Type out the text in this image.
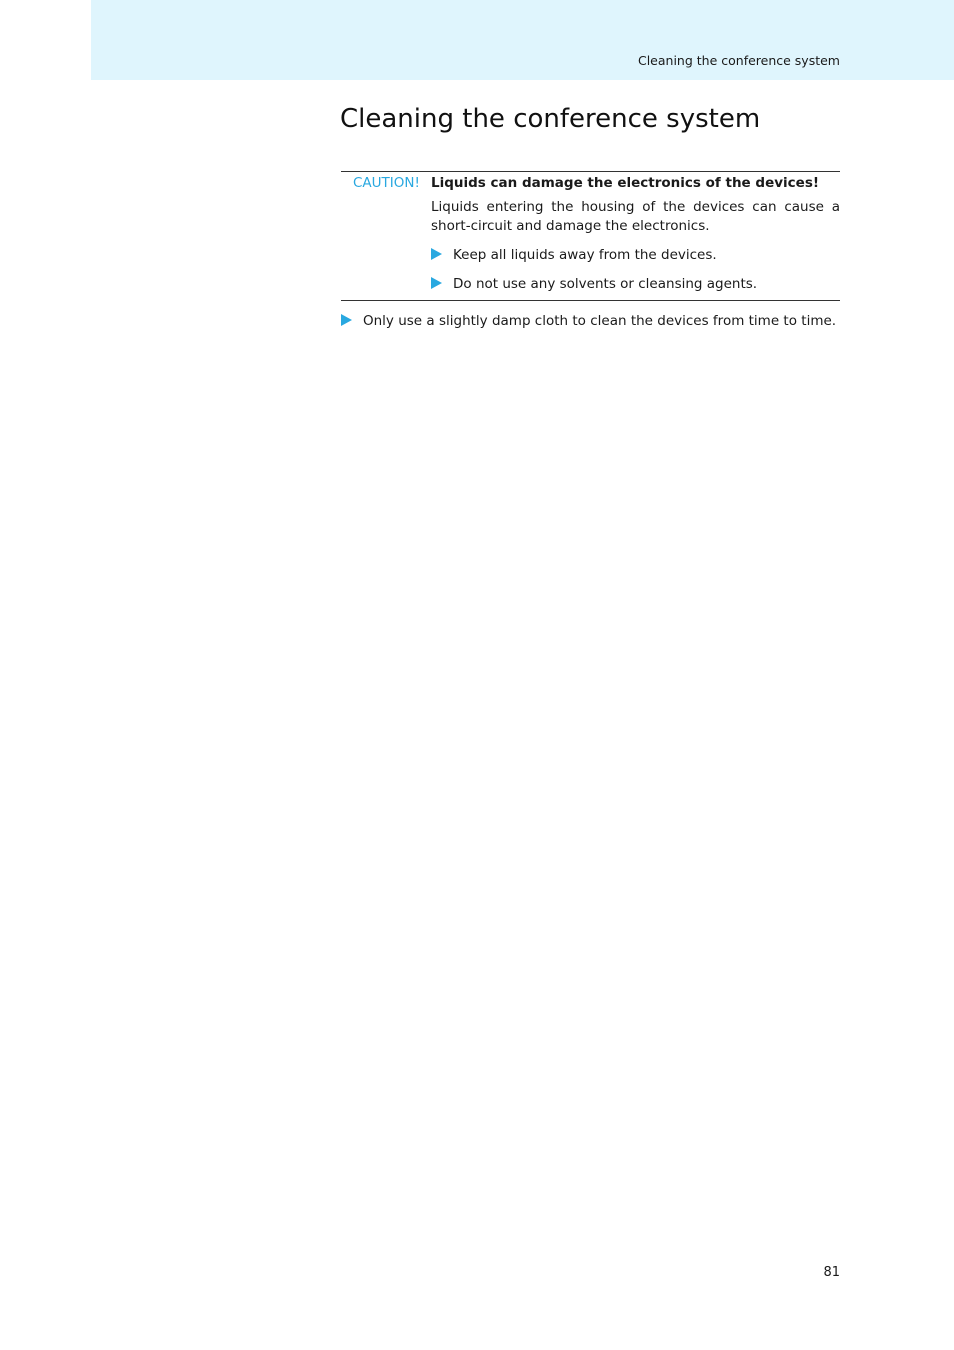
Cleaning the conference system
Cleaning the conference system
CAUTION! Liquids can damage the electronics of the devices!
Liquids entering the housing of the devices can cause a short-circuit and damage the electronics.
Keep all liquids away from the devices.
Do not use any solvents or cleansing agents.
Only use a slightly damp cloth to clean the devices from time to time.
81
